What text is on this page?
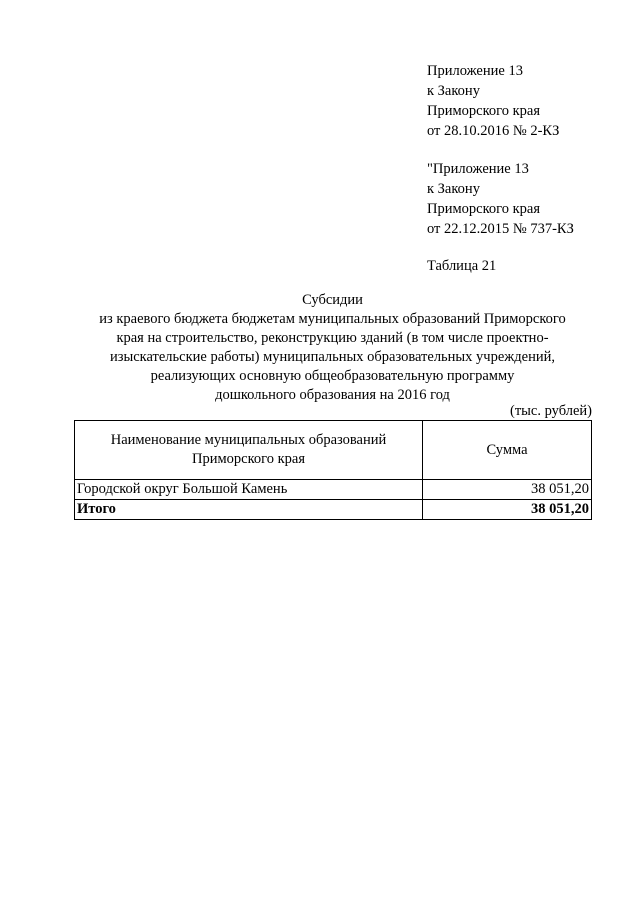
Приложение 13
к Закону
Приморского края
от 28.10.2016 № 2-КЗ
"Приложение 13
к Закону
Приморского края
от 22.12.2015 № 737-КЗ
Таблица 21
Субсидии
из краевого бюджета бюджетам муниципальных образований Приморского
края на строительство, реконструкцию зданий (в том числе проектно-
изыскательские работы) муниципальных образовательных учреждений,
реализующих основную общеобразовательную программу
дошкольного образования на 2016 год
(тыс. рублей)
Наименование муниципальных образований
Приморского края	Сумма
Городской округ Большой Камень	38 051,20
Итого	38 051,20
